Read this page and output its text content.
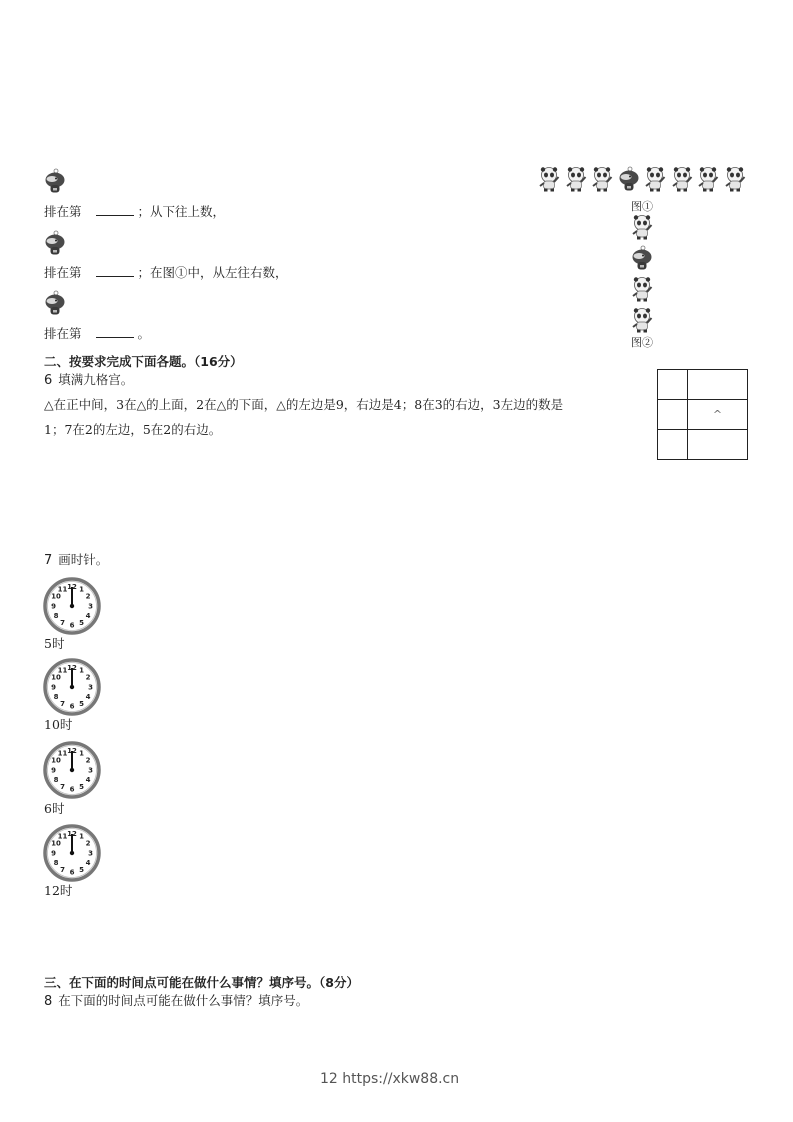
排在第	；从下往上数，
排在第	；在图①中，从左往右数，
排在第	。
图①
图②
二、按要求完成下面各题。（16分）
6 填满九格宫。
△在正中间，3在△的上面，2在△的下面，△的左边是9，右边是4；8在3的右边，3左边的数是
1；7在2的左边，5在2的右边。

	^

7 画时针。
5时
10时
6时
12时
三、在下面的时间点可能在做什么事情？填序号。（8分）
8 在下面的时间点可能在做什么事情？填序号。
12 https://xkw88.cn
